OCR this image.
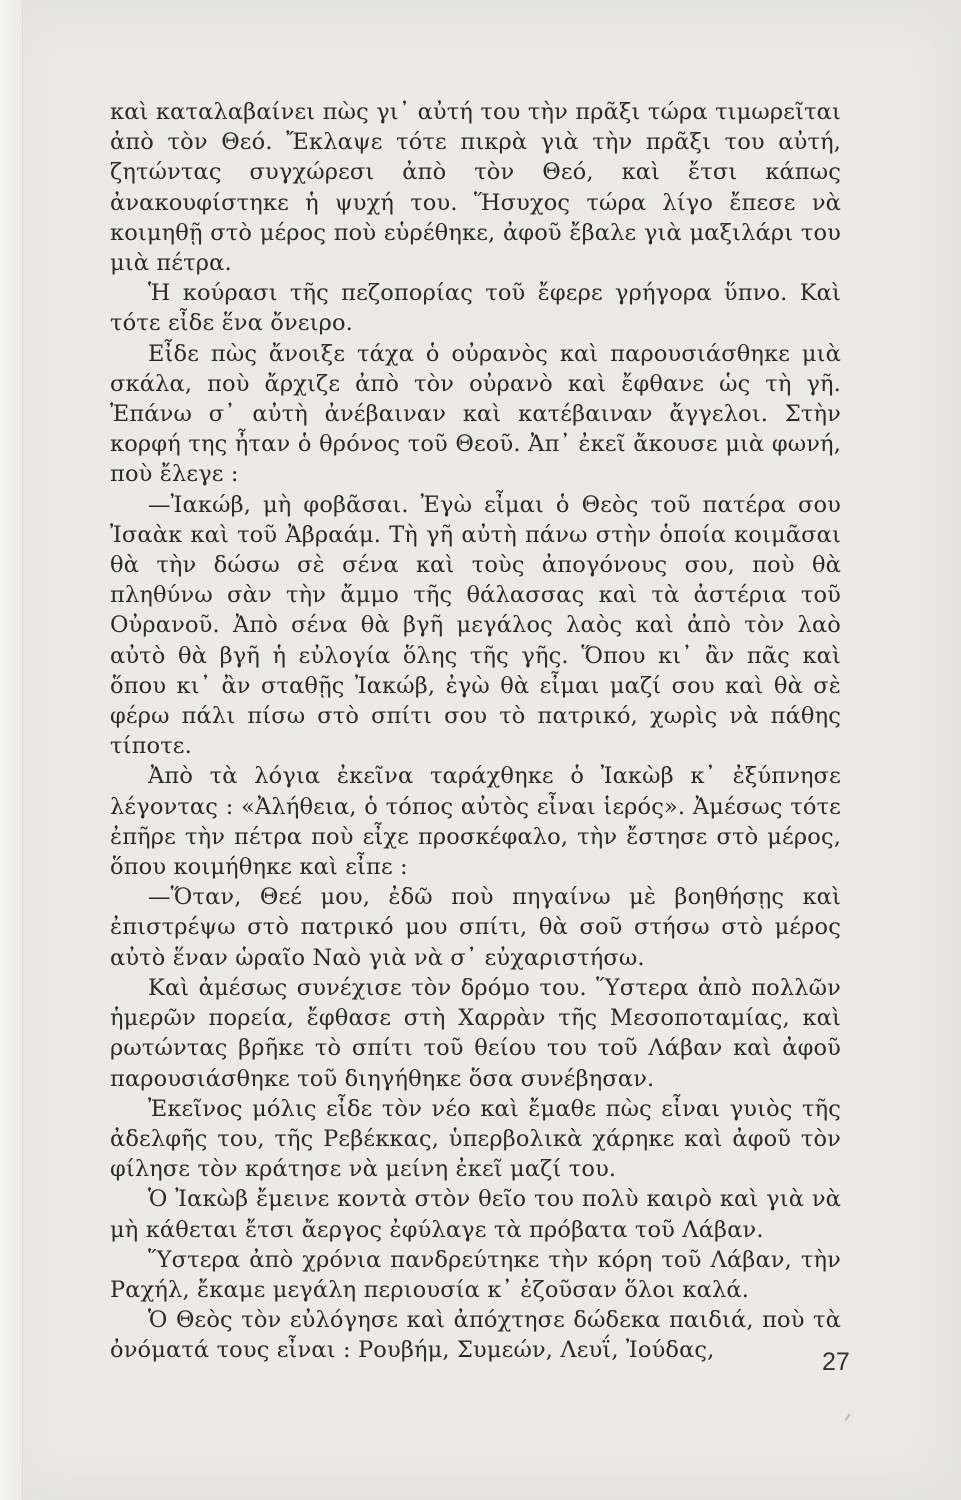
καὶ καταλαβαίνει πὼς γι᾿ αὐτή του τὴν πρᾶξι τώρα τιμωρεῖται ἀπὸ τὸν Θεό. Ἔκλαψε τότε πικρὰ γιὰ τὴν πρᾶξι του αὐτή, ζητώντας συγχώρεσι ἀπὸ τὸν Θεό, καὶ ἔτσι κάπως ἀνακουφίστηκε ἡ ψυχή του. Ἥσυχος τώρα λίγο ἔπεσε νὰ κοιμηθῇ στὸ μέρος ποὺ εὑρέθηκε, ἀφοῦ ἔβαλε γιὰ μαξιλάρι του μιὰ πέτρα.

Ἡ κούρασι τῆς πεζοπορίας τοῦ ἔφερε γρήγορα ὕπνο. Καὶ τότε εἶδε ἕνα ὄνειρο.

Εἶδε πὼς ἄνοιξε τάχα ὁ οὐρανὸς καὶ παρουσιάσθηκε μιὰ σκάλα, ποὺ ἄρχιζε ἀπὸ τὸν οὐρανὸ καὶ ἔφθανε ὡς τὴ γῆ. Ἐπάνω σ᾿ αὐτὴ ἀνέβαιναν καὶ κατέβαιναν ἄγγελοι. Στὴν κορφή της ἦταν ὁ θρόνος τοῦ Θεοῦ. Ἀπ᾿ ἐκεῖ ἄκουσε μιὰ φωνή, ποὺ ἔλεγε :

—Ἰακώβ, μὴ φοβᾶσαι. Ἐγὼ εἶμαι ὁ Θεὸς τοῦ πατέρα σου Ἰσαὰκ καὶ τοῦ Ἀβραάμ. Τὴ γῆ αὐτὴ πάνω στὴν ὁποία κοιμᾶσαι θὰ τὴν δώσω σὲ σένα καὶ τοὺς ἀπογόνους σου, ποὺ θὰ πληθύνω σὰν τὴν ἄμμο τῆς θάλασσας καὶ τὰ ἀστέρια τοῦ Οὐρανοῦ. Ἀπὸ σένα θὰ βγῆ μεγάλος λαὸς καὶ ἀπὸ τὸν λαὸ αὐτὸ θὰ βγῆ ἡ εὐλογία ὅλης τῆς γῆς. Ὅπου κι᾿ ἂν πᾶς καὶ ὅπου κι᾿ ἂν σταθῇς Ἰακώβ, ἐγὼ θὰ εἶμαι μαζί σου καὶ θὰ σὲ φέρω πάλι πίσω στὸ σπίτι σου τὸ πατρικό, χωρὶς νὰ πάθης τίποτε.

Ἀπὸ τὰ λόγια ἐκεῖνα ταράχθηκε ὁ Ἰακὼβ κ᾿ ἐξύπνησε λέγοντας : «Ἀλήθεια, ὁ τόπος αὐτὸς εἶναι ἱερός». Ἀμέσως τότε ἐπῆρε τὴν πέτρα ποὺ εἶχε προσκέφαλο, τὴν ἔστησε στὸ μέρος, ὅπου κοιμήθηκε καὶ εἶπε :

—Ὅταν, Θεέ μου, ἐδῶ ποὺ πηγαίνω μὲ βοηθήσῃς καὶ ἐπιστρέψω στὸ πατρικό μου σπίτι, θὰ σοῦ στήσω στὸ μέρος αὐτὸ ἕναν ὡραῖο Ναὸ γιὰ νὰ σ᾿ εὐχαριστήσω.

Καὶ ἀμέσως συνέχισε τὸν δρόμο του. Ὕστερα ἀπὸ πολλῶν ἡμερῶν πορεία, ἔφθασε στὴ Χαρρὰν τῆς Μεσοποταμίας, καὶ ρωτώντας βρῆκε τὸ σπίτι τοῦ θείου του τοῦ Λάβαν καὶ ἀφοῦ παρουσιάσθηκε τοῦ διηγήθηκε ὅσα συνέβησαν.

Ἐκεῖνος μόλις εἶδε τὸν νέο καὶ ἔμαθε πὼς εἶναι γυιὸς τῆς ἀδελφῆς του, τῆς Ρεβέκκας, ὑπερβολικὰ χάρηκε καὶ ἀφοῦ τὸν φίλησε τὸν κράτησε νὰ μείνη ἐκεῖ μαζί του.

Ὁ Ἰακὼβ ἔμεινε κοντὰ στὸν θεῖο του πολὺ καιρὸ καὶ γιὰ νὰ μὴ κάθεται ἔτσι ἄεργος ἐφύλαγε τὰ πρόβατα τοῦ Λάβαν.

Ὕστερα ἀπὸ χρόνια πανδρεύτηκε τὴν κόρη τοῦ Λάβαν, τὴν Ραχήλ, ἔκαμε μεγάλη περιουσία κ᾿ ἐζοῦσαν ὅλοι καλά.

Ὁ Θεὸς τὸν εὐλόγησε καὶ ἀπόχτησε δώδεκα παιδιά, ποὺ τὰ ὀνόματά τους εἶναι : Ρουβήμ, Συμεών, Λευΐ, Ἰούδας,	27
